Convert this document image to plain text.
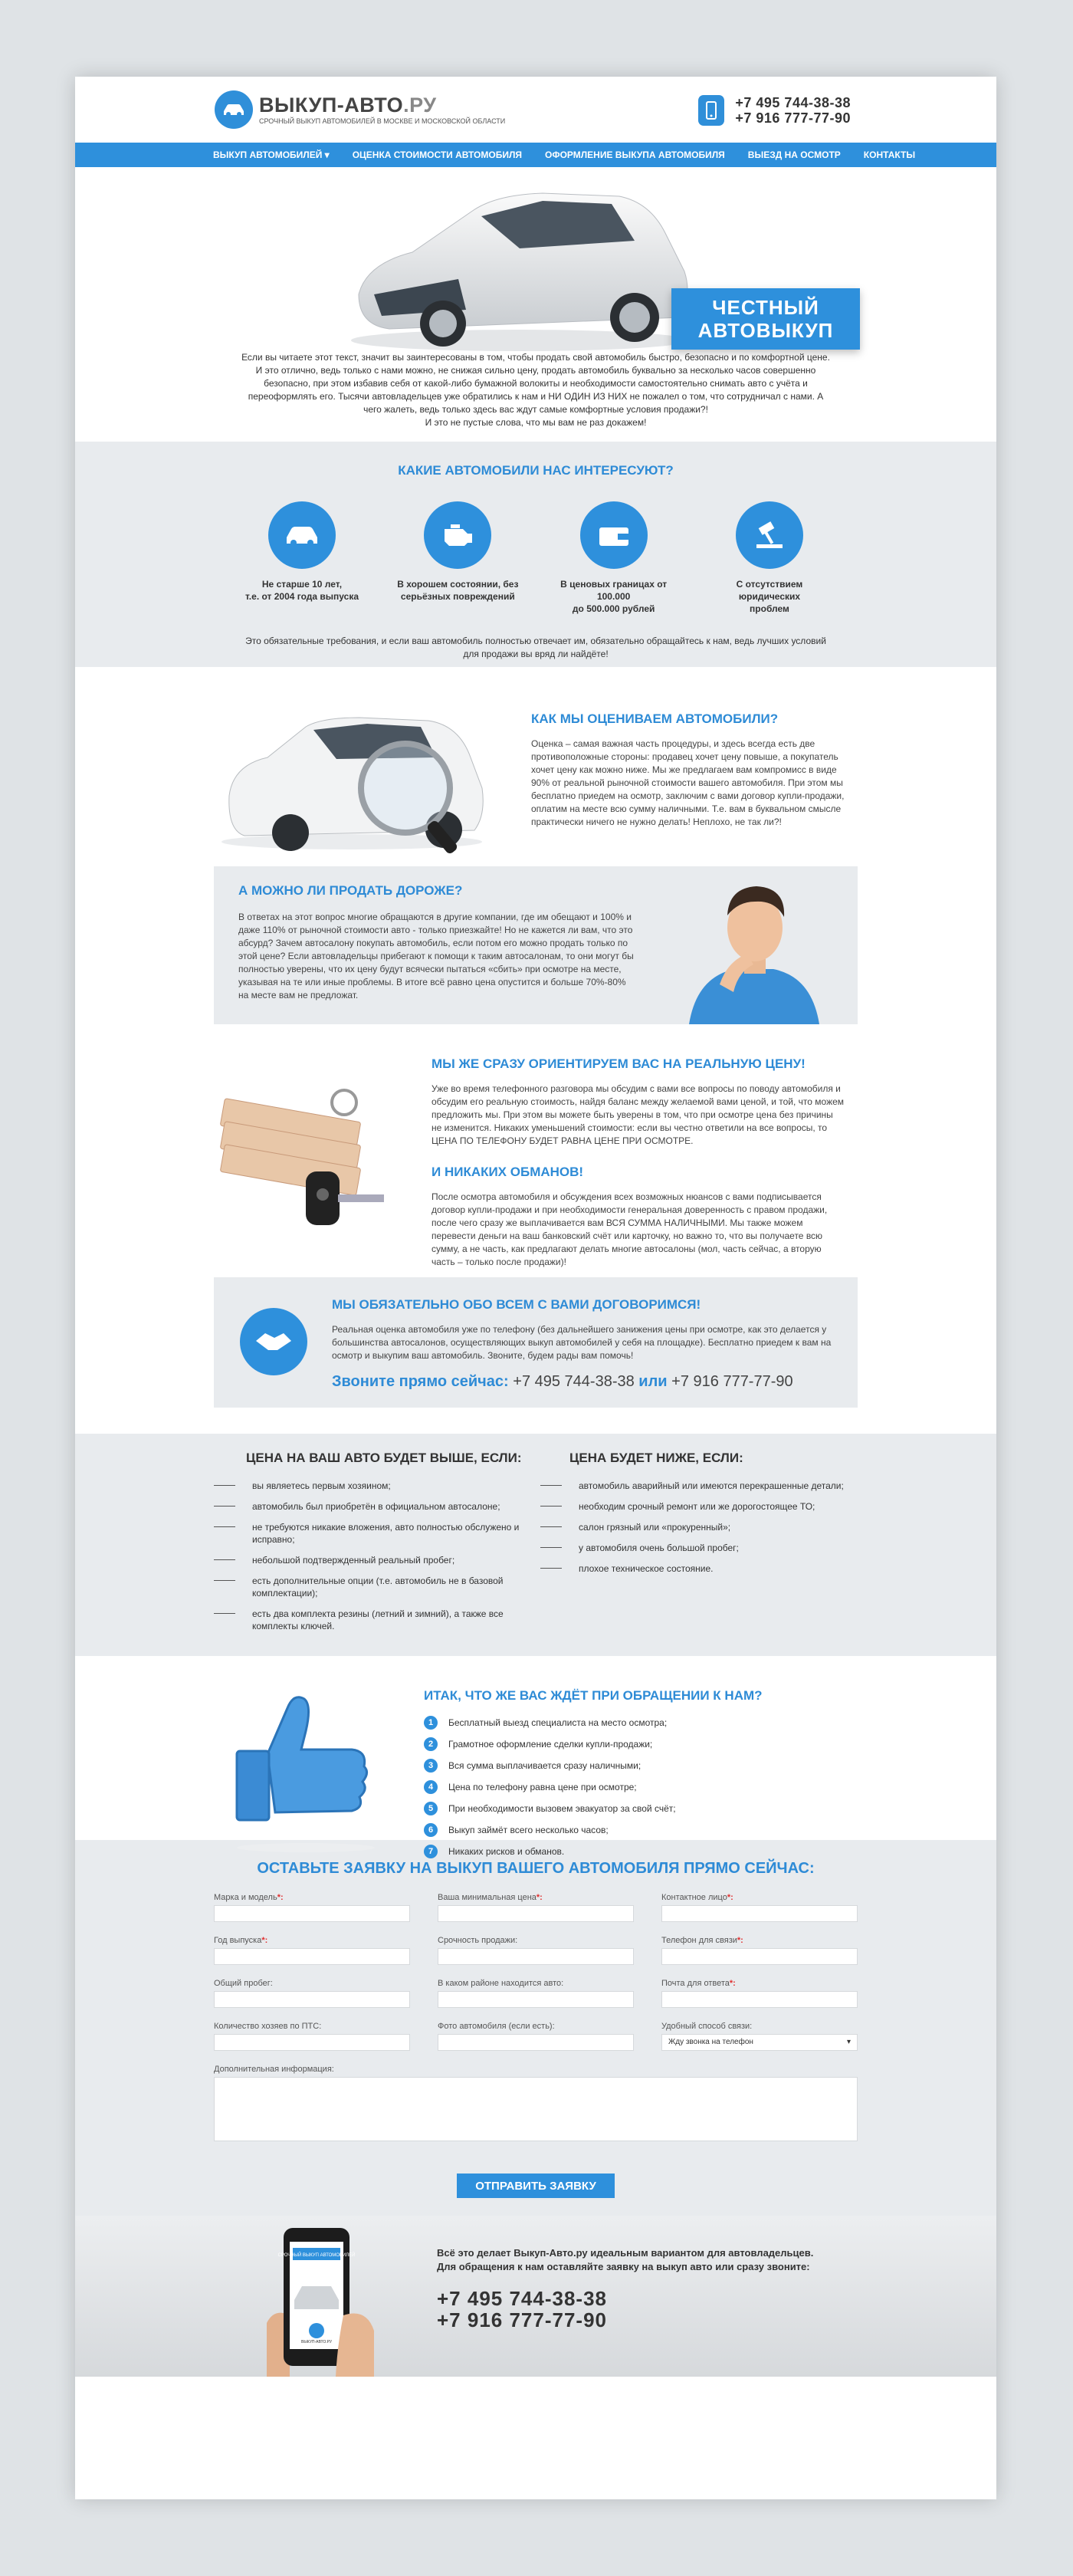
ВЫКУП-АВТО.РУ
СРОЧНЫЙ ВЫКУП АВТОМОБИЛЕЙ В МОСКВЕ И МОСКОВСКОЙ ОБЛАСТИ
+7 495 744-38-38
+7 916 777-77-90
ВЫКУП АВТОМОБИЛЕЙ ▾	ОЦЕНКА СТОИМОСТИ АВТОМОБИЛЯ	ОФОРМЛЕНИЕ ВЫКУПА АВТОМОБИЛЯ	ВЫЕЗД НА ОСМОТР	КОНТАКТЫ
ЧЕСТНЫЙ
АВТОВЫКУП
Если вы читаете этот текст, значит вы заинтересованы в том, чтобы продать свой автомобиль быстро, безопасно и по комфортной цене.
И это отлично, ведь только с нами можно, не снижая сильно цену, продать автомобиль буквально за несколько часов совершенно
безопасно, при этом избавив себя от какой-либо бумажной волокиты и необходимости самостоятельно снимать авто с учёта и
переоформлять его. Тысячи автовладельцев уже обратились к нам и НИ ОДИН ИЗ НИХ не пожалел о том, что сотрудничал с нами. А
чего жалеть, ведь только здесь вас ждут самые комфортные условия продажи?!
И это не пустые слова, что мы вам не раз докажем!
КАКИЕ АВТОМОБИЛИ НАС ИНТЕРЕСУЮТ?

Не старше 10 лет,
т.е. от 2004 года выпуска

В хорошем состоянии, без
серьёзных повреждений

В ценовых границах от 100.000
до 500.000 рублей

С отсутствием юридических
проблем

Это обязательные требования, и если ваш автомобиль полностью отвечает им, обязательно обращайтесь к нам, ведь лучших условий
для продажи вы вряд ли найдёте!
КАК МЫ ОЦЕНИВАЕМ АВТОМОБИЛИ?
Оценка – самая важная часть процедуры, и здесь всегда есть две противоположные стороны: продавец хочет цену повыше, а покупатель хочет цену как можно ниже. Мы же предлагаем вам компромисс в виде 90% от реальной рыночной стоимости вашего автомобиля. При этом мы бесплатно приедем на осмотр, заключим с вами договор купли-продажи, оплатим на месте всю сумму наличными. Т.е. вам в буквальном смысле практически ничего не нужно делать! Неплохо, не так ли?!
А МОЖНО ЛИ ПРОДАТЬ ДОРОЖЕ?
В ответах на этот вопрос многие обращаются в другие компании, где им обещают и 100% и даже 110% от рыночной стоимости авто - только приезжайте! Но не кажется ли вам, что это абсурд? Зачем автосалону покупать автомобиль, если потом его можно продать только по этой цене? Если автовладельцы прибегают к помощи к таким автосалонам, то они могут бы полностью уверены, что их цену будут всячески пытаться «сбить» при осмотре на месте, указывая на те или иные проблемы. В итоге всё равно цена опустится и больше 70%-80% на месте вам не предложат.
МЫ ЖЕ СРАЗУ ОРИЕНТИРУЕМ ВАС НА РЕАЛЬНУЮ ЦЕНУ!
Уже во время телефонного разговора мы обсудим с вами все вопросы по поводу автомобиля и обсудим его реальную стоимость, найдя баланс между желаемой вами ценой, и той, что можем предложить мы. При этом вы можете быть уверены в том, что при осмотре цена без причины не изменится. Никаких уменьшений стоимости: если вы честно ответили на все вопросы, то ЦЕНА ПО ТЕЛЕФОНУ БУДЕТ РАВНА ЦЕНЕ ПРИ ОСМОТРЕ.
И НИКАКИХ ОБМАНОВ!
После осмотра автомобиля и обсуждения всех возможных нюансов с вами подписывается договор купли-продажи и при необходимости генеральная доверенность с правом продажи, после чего сразу же выплачивается вам ВСЯ СУММА НАЛИЧНЫМИ. Мы также можем перевести деньги на ваш банковский счёт или карточку, но важно то, что вы получаете всю сумму, а не часть, как предлагают делать многие автосалоны (мол, часть сейчас, а вторую часть – только после продажи)!
МЫ ОБЯЗАТЕЛЬНО ОБО ВСЕМ С ВАМИ ДОГОВОРИМСЯ!
Реальная оценка автомобиля уже по телефону (без дальнейшего занижения цены при осмотре, как это делается у большинства автосалонов, осуществляющих выкуп автомобилей у себя на площадке). Бесплатно приедем к вам на осмотр и выкупим ваш автомобиль. Звоните, будем рады вам помочь!
Звоните прямо сейчас: +7 495 744-38-38 или +7 916 777-77-90
ЦЕНА НА ВАШ АВТО БУДЕТ ВЫШЕ, ЕСЛИ:
вы являетесь первым хозяином;
автомобиль был приобретён в официальном автосалоне;
не требуются никакие вложения, авто полностью обслужено и исправно;
небольшой подтвержденный реальный пробег;
есть дополнительные опции (т.е. автомобиль не в базовой комплектации);
есть два комплекта резины (летний и зимний), а также все комплекты ключей.
ЦЕНА БУДЕТ НИЖЕ, ЕСЛИ:
автомобиль аварийный или имеются перекрашенные детали;
необходим срочный ремонт или же дорогостоящее ТО;
салон грязный или «прокуренный»;
у автомобиля очень большой пробег;
плохое техническое состояние.
ИТАК, ЧТО ЖЕ ВАС ЖДЁТ ПРИ ОБРАЩЕНИИ К НАМ?
1	Бесплатный выезд специалиста на место осмотра;
2	Грамотное оформление сделки купли-продажи;
3	Вся сумма выплачивается сразу наличными;
4	Цена по телефону равна цене при осмотре;
5	При необходимости вызовем эвакуатор за свой счёт;
6	Выкуп займёт всего несколько часов;
7	Никаких рисков и обманов.
ОСТАВЬТЕ ЗАЯВКУ НА ВЫКУП ВАШЕГО АВТОМОБИЛЯ ПРЯМО СЕЙЧАС:
Марка и модель*:	Ваша минимальная цена*:	Контактное лицо*:
Год выпуска*:	Срочность продажи:	Телефон для связи*:
Общий пробег:	В каком районе находится авто:	Почта для ответа*:
Количество хозяев по ПТС:	Фото автомобиля (если есть):	Удобный способ связи:
Жду звонка на телефон	▾
Дополнительная информация:
ОТПРАВИТЬ ЗАЯВКУ
СРОЧНЫЙ ВЫКУП АВТОМОБИЛЕЙ
ВЫКУП-АВТО.РУ
Всё это делает Выкуп-Авто.ру идеальным вариантом для автовладельцев.
Для обращения к нам оставляйте заявку на выкуп авто или сразу звоните:
+7 495 744-38-38
+7 916 777-77-90
